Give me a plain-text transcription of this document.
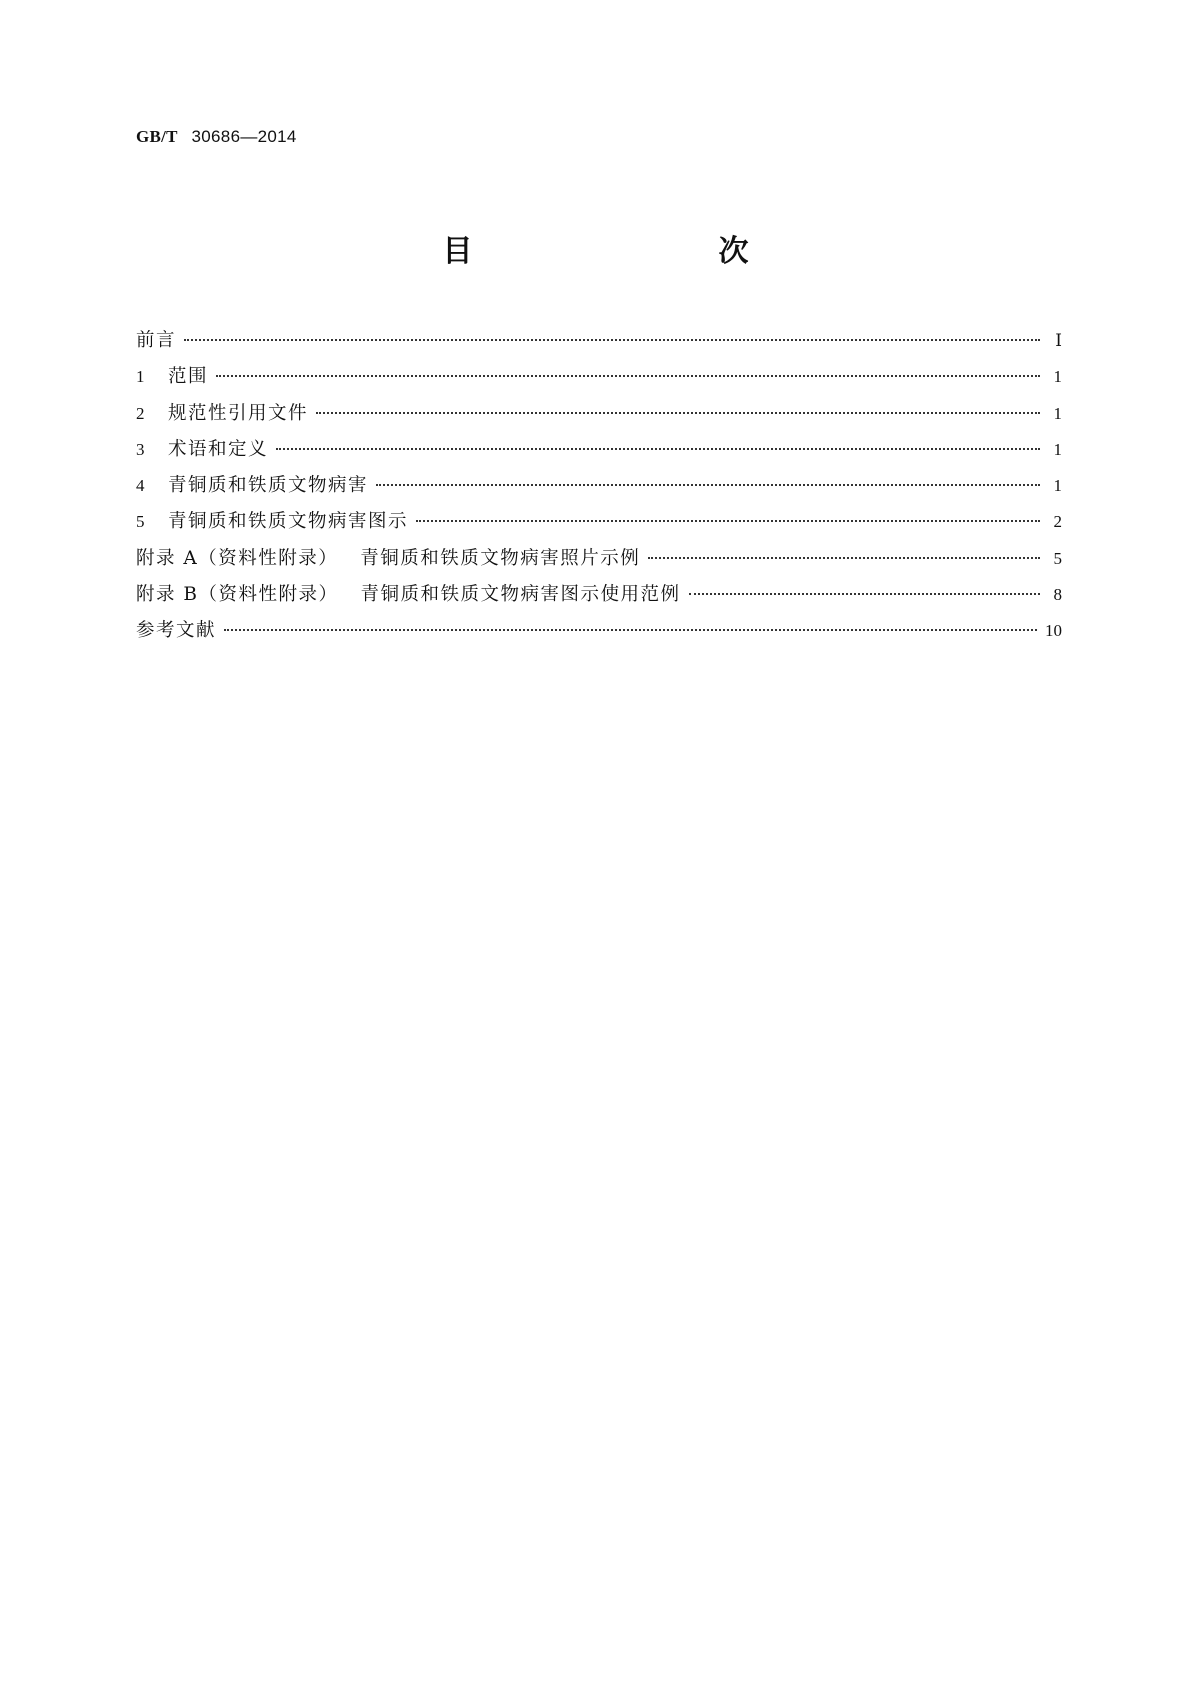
GB/T 30686—2014
目　　次
前言	Ⅰ
1	范围	1
2	规范性引用文件	1
3	术语和定义	1
4	青铜质和铁质文物病害	1
5	青铜质和铁质文物病害图示	2
附录 A（资料性附录） 青铜质和铁质文物病害照片示例	5
附录 B（资料性附录） 青铜质和铁质文物病害图示使用范例	8
参考文献	10
